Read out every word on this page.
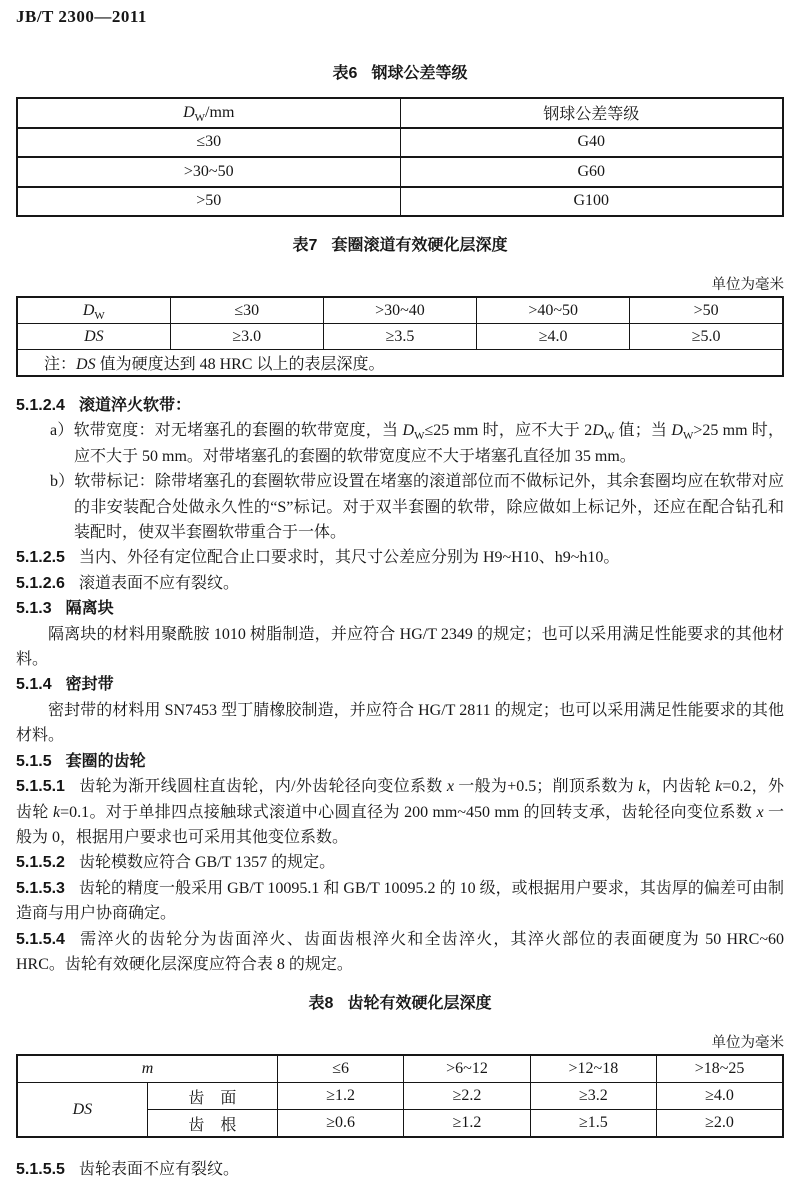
JB/T 2300—2011
表6 钢球公差等级
$D_W/mm$	钢球公差等级
≤30	G40
>30~50	G60
>50	G100
表7 套圈滚道有效硬化层深度
单位为毫米
$D_W$	≤30	>30~40	>40~50	>50
DS	≥3.0	≥3.5	≥4.0	≥5.0
注：DS 值为硬度达到 48 HRC 以上的表层深度。				

5.1.2.4 滚道淬火软带：

a）软带宽度：对无堵塞孔的套圈的软带宽度，当 $D_W\le 25$ mm 时，应不大于 $2D_W$ 值；当 $D_W>25$ mm 时，应不大于 50 mm。对带堵塞孔的套圈的软带宽度应不大于堵塞孔直径加 35 mm。

b）软带标记：除带堵塞孔的套圈软带应设置在堵塞的滚道部位而不做标记外，其余套圈均应在软带对应的非安装配合处做永久性的“S”标记。对于双半套圈的软带，除应做如上标记外，还应在配合钻孔和装配时，使双半套圈软带重合于一体。

5.1.2.5 当内、外径有定位配合止口要求时，其尺寸公差应分别为 H9~H10、h9~h10。

5.1.2.6 滚道表面不应有裂纹。

5.1.3 隔离块

隔离块的材料用聚酰胺 1010 树脂制造，并应符合 HG/T 2349 的规定；也可以采用满足性能要求的其他材料。

5.1.4 密封带

密封带的材料用 SN7453 型丁腈橡胶制造，并应符合 HG/T 2811 的规定；也可以采用满足性能要求的其他材料。

5.1.5 套圈的齿轮

5.1.5.1 齿轮为渐开线圆柱直齿轮，内/外齿轮径向变位系数 x 一般为+0.5；削顶系数为 k，内齿轮 k=0.2，外齿轮 k=0.1。对于单排四点接触球式滚道中心圆直径为 200 mm~450 mm 的回转支承，齿轮径向变位系数 x 一般为 0，根据用户要求也可采用其他变位系数。

5.1.5.2 齿轮模数应符合 GB/T 1357 的规定。

5.1.5.3 齿轮的精度一般采用 GB/T 10095.1 和 GB/T 10095.2 的 10 级，或根据用户要求，其齿厚的偏差可由制造商与用户协商确定。

5.1.5.4 需淬火的齿轮分为齿面淬火、齿面齿根淬火和全齿淬火，其淬火部位的表面硬度为 50 HRC~60 HRC。齿轮有效硬化层深度应符合表 8 的规定。

表8 齿轮有效硬化层深度
单位为毫米
m		≤6	>6~12	>12~18	>18~25
DS	齿　面	≥1.2	≥2.2	≥3.2	≥4.0
	齿　根	≥0.6	≥1.2	≥1.5	≥2.0

5.1.5.5 齿轮表面不应有裂纹。
